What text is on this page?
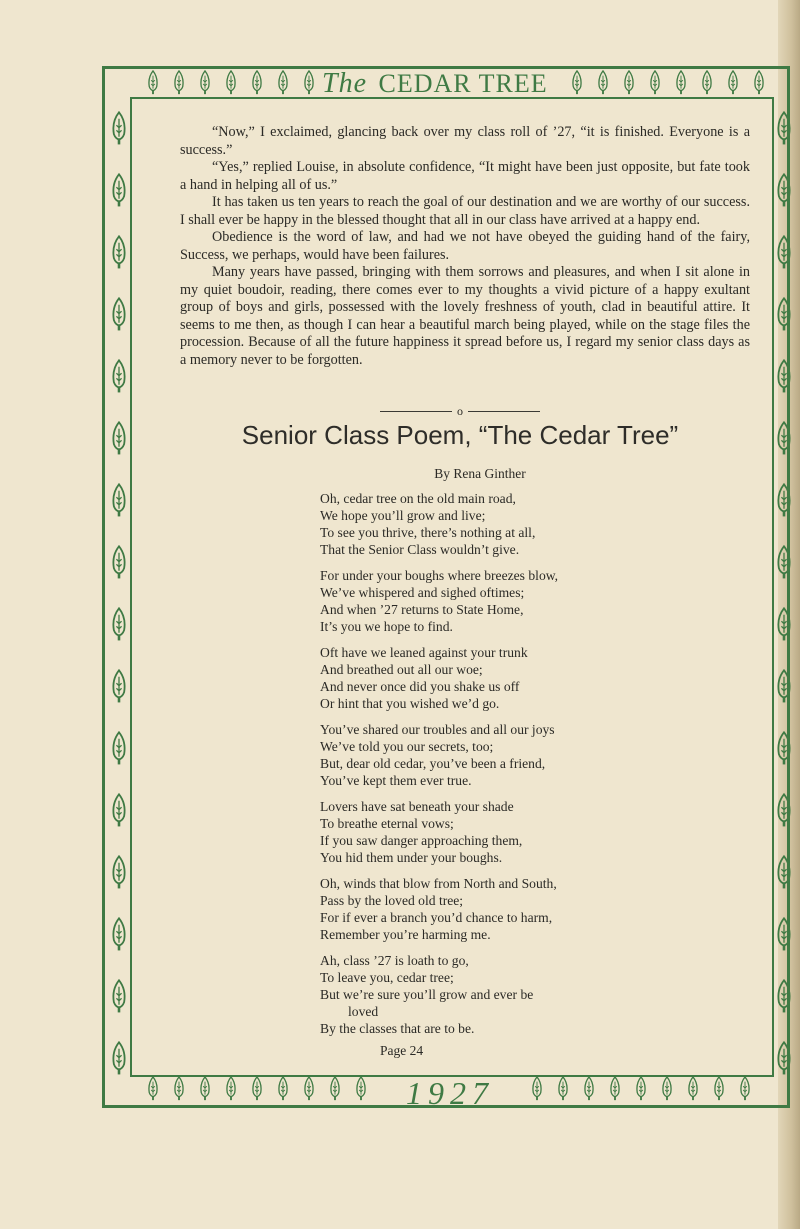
The CEDAR TREE

“Now,” I exclaimed, glancing back over my class roll of ’27, “it is finished. Everyone is a success.”

“Yes,” replied Louise, in absolute confidence, “It might have been just opposite, but fate took a hand in helping all of us.”

It has taken us ten years to reach the goal of our destination and we are worthy of our success. I shall ever be happy in the blessed thought that all in our class have arrived at a happy end.

Obedience is the word of law, and had we not have obeyed the guiding hand of the fairy, Success, we perhaps, would have been failures.

Many years have passed, bringing with them sorrows and pleasures, and when I sit alone in my quiet boudoir, reading, there comes ever to my thoughts a vivid picture of a happy exultant group of boys and girls, possessed with the lovely freshness of youth, clad in beautiful attire. It seems to me then, as though I can hear a beautiful march being played, while on the stage files the procession. Because of all the future happiness it spread before us, I regard my senior class days as a memory never to be forgotten.

o
Senior Class Poem, “The Cedar Tree”
By Rena Ginther
Oh, cedar tree on the old main road,
We hope you’ll grow and live;
To see you thrive, there’s nothing at all,
That the Senior Class wouldn’t give.
For under your boughs where breezes blow,
We’ve whispered and sighed oftimes;
And when ’27 returns to State Home,
It’s you we hope to find.
Oft have we leaned against your trunk
And breathed out all our woe;
And never once did you shake us off
Or hint that you wished we’d go.
You’ve shared our troubles and all our joys
We’ve told you our secrets, too;
But, dear old cedar, you’ve been a friend,
You’ve kept them ever true.
Lovers have sat beneath your shade
To breathe eternal vows;
If you saw danger approaching them,
You hid them under your boughs.
Oh, winds that blow from North and South,
Pass by the loved old tree;
For if ever a branch you’d chance to harm,
Remember you’re harming me.
Ah, class ’27 is loath to go,
To leave you, cedar tree;
But we’re sure you’ll grow and ever be
loved
By the classes that are to be.
Page 24
1927
